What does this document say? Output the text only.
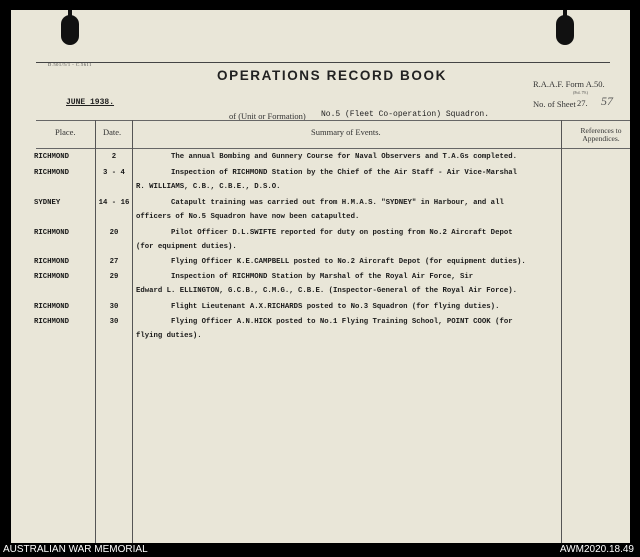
D.501/5/1 - C.5611
OPERATIONS RECORD BOOK
R.A.A.F. Form A.50.
(Fol. 79.)
JUNE 1938.	No. of Sheet 27. 57
of (Unit or Formation) No.5 (Fleet Co-operation) Squadron.
Place.	Date.	Summary of Events.	References to Appendices.
RICHMOND	2	The annual Bombing and Gunnery Course for Naval Observers and T.A.Gs completed.
RICHMOND	3 - 4	Inspection of RICHMOND Station by the Chief of the Air Staff - Air Vice-Marshal
R. WILLIAMS, C.B., C.B.E., D.S.O.
SYDNEY	14 - 16 Catapult training was carried out from H.M.A.S. "SYDNEY" in Harbour, and all
officers of No.5 Squadron have now been catapulted.
RICHMOND	20	Pilot Officer D.L.SWIFTE reported for duty on posting from No.2 Aircraft Depot
(for equipment duties).
RICHMOND	27	Flying Officer K.E.CAMPBELL posted to No.2 Aircraft Depot (for equipment duties).
RICHMOND	29	Inspection of RICHMOND Station by Marshal of the Royal Air Force, Sir
Edward L. ELLINGTON, G.C.B., C.M.G., C.B.E. (Inspector-General of the Royal Air Force).
RICHMOND	30	Flight Lieutenant A.X.RICHARDS posted to No.3 Squadron (for flying duties).
RICHMOND	30	Flying Officer A.N.HICK posted to No.1 Flying Training School, POINT COOK (for
flying duties).
AUSTRALIAN WAR MEMORIAL	AWM2020.18.49
